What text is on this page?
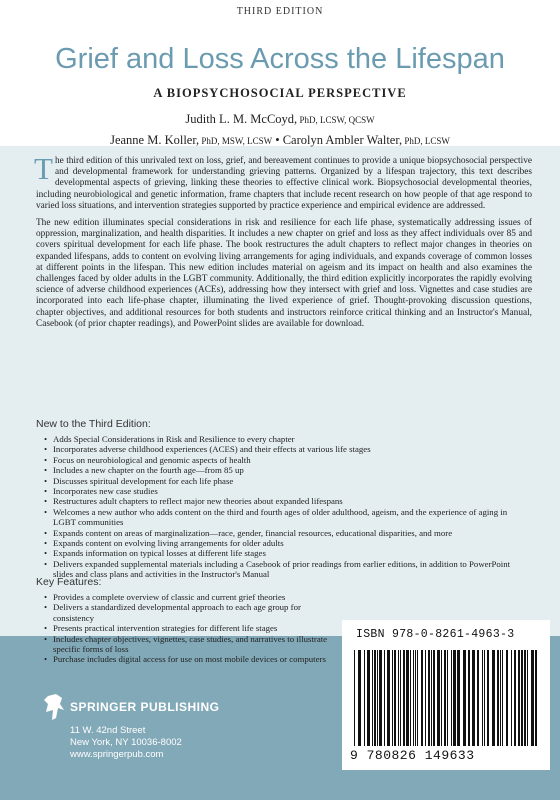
THIRD EDITION
Grief and Loss Across the Lifespan
A BIOPSYCHOSOCIAL PERSPECTIVE
Judith L. M. McCoyd, PhD, LCSW, QCSW
Jeanne M. Koller, PhD, MSW, LCSW • Carolyn Ambler Walter, PhD, LCSW

The third edition of this unrivaled text on loss, grief, and bereavement continues to provide a unique biopsychosocial perspective and developmental framework for understanding grieving patterns. Organized by a lifespan trajectory, this text describes developmental aspects of grieving, linking these theories to effective clinical work. Biopsychosocial developmental theories, including neurobiological and genetic information, frame chapters that include recent research on how people of that age respond to varied loss situations, and intervention strategies supported by practice experience and empirical evidence are addressed.

The new edition illuminates special considerations in risk and resilience for each life phase, systematically addressing issues of oppression, marginalization, and health disparities. It includes a new chapter on grief and loss as they affect individuals over 85 and covers spiritual development for each life phase. The book restructures the adult chapters to reflect major changes in theories on expanded lifespans, adds to content on evolving living arrangements for aging individuals, and expands coverage of common losses at different points in the lifespan. This new edition includes material on ageism and its impact on health and also examines the challenges faced by older adults in the LGBT community. Additionally, the third edition explicitly incorporates the rapidly evolving science of adverse childhood experiences (ACEs), addressing how they intersect with grief and loss. Vignettes and case studies are incorporated into each life-phase chapter, illuminating the lived experience of grief. Thought-provoking discussion questions, chapter objectives, and additional resources for both students and instructors reinforce critical thinking and an Instructor's Manual, Casebook (of prior chapter readings), and PowerPoint slides are available for download.

New to the Third Edition:
• Adds Special Considerations in Risk and Resilience to every chapter
• Incorporates adverse childhood experiences (ACES) and their effects at various life stages
• Focus on neurobiological and genomic aspects of health
• Includes a new chapter on the fourth age—from 85 up
• Discusses spiritual development for each life phase
• Incorporates new case studies
• Restructures adult chapters to reflect major new theories about expanded lifespans
• Welcomes a new author who adds content on the third and fourth ages of older adulthood, ageism, and the experience of aging in LGBT communities
• Expands content on areas of marginalization—race, gender, financial resources, educational disparities, and more
• Expands content on evolving living arrangements for older adults
• Expands information on typical losses at different life stages
• Delivers expanded supplemental materials including a Casebook of prior readings from earlier editions, in addition to PowerPoint slides and class plans and activities in the Instructor's Manual
Key Features:
• Provides a complete overview of classic and current grief theories
• Delivers a standardized developmental approach to each age group for consistency
• Presents practical intervention strategies for different life stages
• Includes chapter objectives, vignettes, case studies, and narratives to illustrate specific forms of loss
• Purchase includes digital access for use on most mobile devices or computers
ISBN 978-0-8261-4963-3
9 780826 149633
SPRINGER PUBLISHING
11 W. 42nd Street
New York, NY 10036-8002
www.springerpub.com
